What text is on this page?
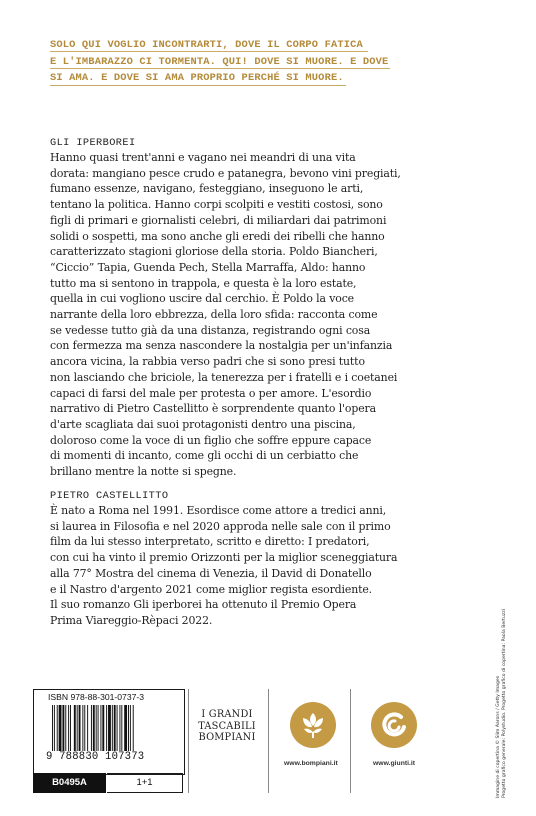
SOLO QUI VOGLIO INCONTRARTI, DOVE IL CORPO FATICA
E L'IMBARAZZO CI TORMENTA. QUI! DOVE SI MUORE. E DOVE
SI AMA. E DOVE SI AMA PROPRIO PERCHÉ SI MUORE.
GLI IPERBOREI
Hanno quasi trent'anni e vagano nei meandri di una vita
dorata: mangiano pesce crudo e patanegra, bevono vini pregiati,
fumano essenze, navigano, festeggiano, inseguono le arti,
tentano la politica. Hanno corpi scolpiti e vestiti costosi, sono
figli di primari e giornalisti celebri, di miliardari dai patrimoni
solidi o sospetti, ma sono anche gli eredi dei ribelli che hanno
caratterizzato stagioni gloriose della storia. Poldo Biancheri,
“Ciccio” Tapia, Guenda Pech, Stella Marraffa, Aldo: hanno
tutto ma si sentono in trappola, e questa è la loro estate,
quella in cui vogliono uscire dal cerchio. È Poldo la voce
narrante della loro ebbrezza, della loro sfida: racconta come
se vedesse tutto già da una distanza, registrando ogni cosa
con fermezza ma senza nascondere la nostalgia per un'infanzia
ancora vicina, la rabbia verso padri che si sono presi tutto
non lasciando che briciole, la tenerezza per i fratelli e i coetanei
capaci di farsi del male per protesta o per amore. L'esordio
narrativo di Pietro Castellitto è sorprendente quanto l'opera
d'arte scagliata dai suoi protagonisti dentro una piscina,
doloroso come la voce di un figlio che soffre eppure capace
di momenti di incanto, come gli occhi di un cerbiatto che
brillano mentre la notte si spegne.
PIETRO CASTELLITTO
È nato a Roma nel 1991. Esordisce come attore a tredici anni,
si laurea in Filosofia e nel 2020 approda nelle sale con il primo
film da lui stesso interpretato, scritto e diretto: I predatori,
con cui ha vinto il premio Orizzonti per la miglior sceneggiatura
alla 77° Mostra del cinema di Venezia, il David di Donatello
e il Nastro d'argento 2021 come miglior regista esordiente.
Il suo romanzo Gli iperborei ha ottenuto il Premio Opera
Prima Viareggio-Rèpaci 2022.
Immagine di copertina © Slim Aarons / Getty Images Progetto grafico generale: Polystudio. Progetto grafico di copertina: Paola Bertuzzi
ISBN 978-88-301-0737-3
9 788830 107373
B0495A	1+1
I GRANDI
TASCABILI
BOMPIANI
www.bompiani.it	www.giunti.it
